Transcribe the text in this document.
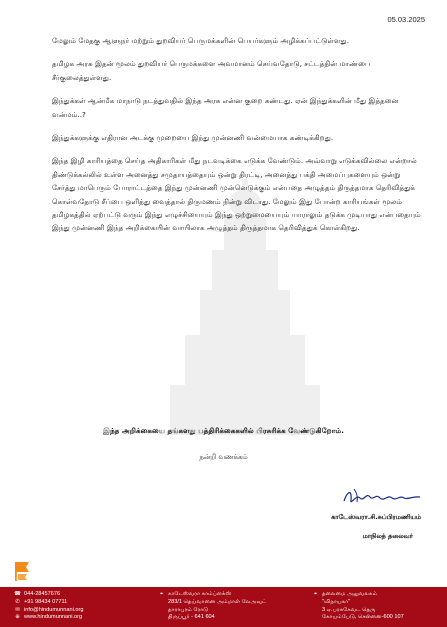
05.03.2025

மேலும் மேதகு ஆளுநர் மற்றும் துறவியர் பெருமக்களின் பெயர்களும் அழிக்கப்பட்டுள்ளது.

தமிழக அரசு இதன் மூலம் துறவியர் பெருமக்களை அவமானம் செய்வதோடு, சட்டத்தின் மாண்பை சீர்குலைத்துள்ளது.

இந்துக்கள் ஆன்மீக மாநாடு நடத்துவதில் இந்த அரசு என்ன குறை கண்டது. ஏன் இந்துக்களின் மீது இத்தனை வன்மம்..?

இந்துக்களுக்கு எதிரான அடக்கு முறையை இந்து முன்னணி வன்மையாக கண்டிக்கிறது.

இந்த இழி காரியத்தை செய்த அதிகாரிகள் மீது நடவடிக்கை எடுக்க வேண்டும். அவ்வாறு எடுக்கவில்லை என்றால் திண்டுக்கல்லில் உள்ள அனைத்து சமுதாயத்தையும் ஒன்று திரட்டி, அனைத்து பக்தி அமைப்புகளையும் ஒன்று சேர்த்து மாபெரும் போராட்டத்தை இந்து முன்னணி முன்னெடுக்கும் என்பதை அழுத்தம் திருத்தமாக தெரிவித்துக் கொள்வதோடு சீப்பை ஒளித்து வைத்தால் திருமணம் நின்று விடாது. மேலும் இது போன்ற காரியங்கள் மூலம் தமிழகத்தில் ஏற்பட்டு வரும் இந்து எழுச்சியையும் இந்து ஒற்றுமையையும் யாராலும் தடுக்க முடியாது என்பதையும் இந்து முன்னணி இந்த அறிக்கையின் வாயிலாக அழுத்தம் திருத்தமாக தெரிவித்துக் கொள்கிறது.

இந்த அறிக்கையை தங்களது பத்திரிக்கைகளில் பிரசுரிக்க வேண்டுகிறோம்.
நன்றி வணக்கம்
காடேஸ்வரா.சி.சுப்பிரமணியம்
மாநிலத் தலைவர்
☎ 044-28457676
✆ +91 98434 07711
✉ info@hindumunnani.org
⊕ www.hindumunnani.org
⌖ காடேஸ்வரா காம்ப்ளக்ஸ்
283/1 தெய்வானை அம்மாள் லேஅவுட்
தாராபுரம் ரோடு
திருப்பூர் - 641 604
⌖ தலைமை அலுவலகம்
"விநாயகா"
3 ஏ.பரசுகேவட தெரு
கோயம்பேடு, சென்னை-600 107
